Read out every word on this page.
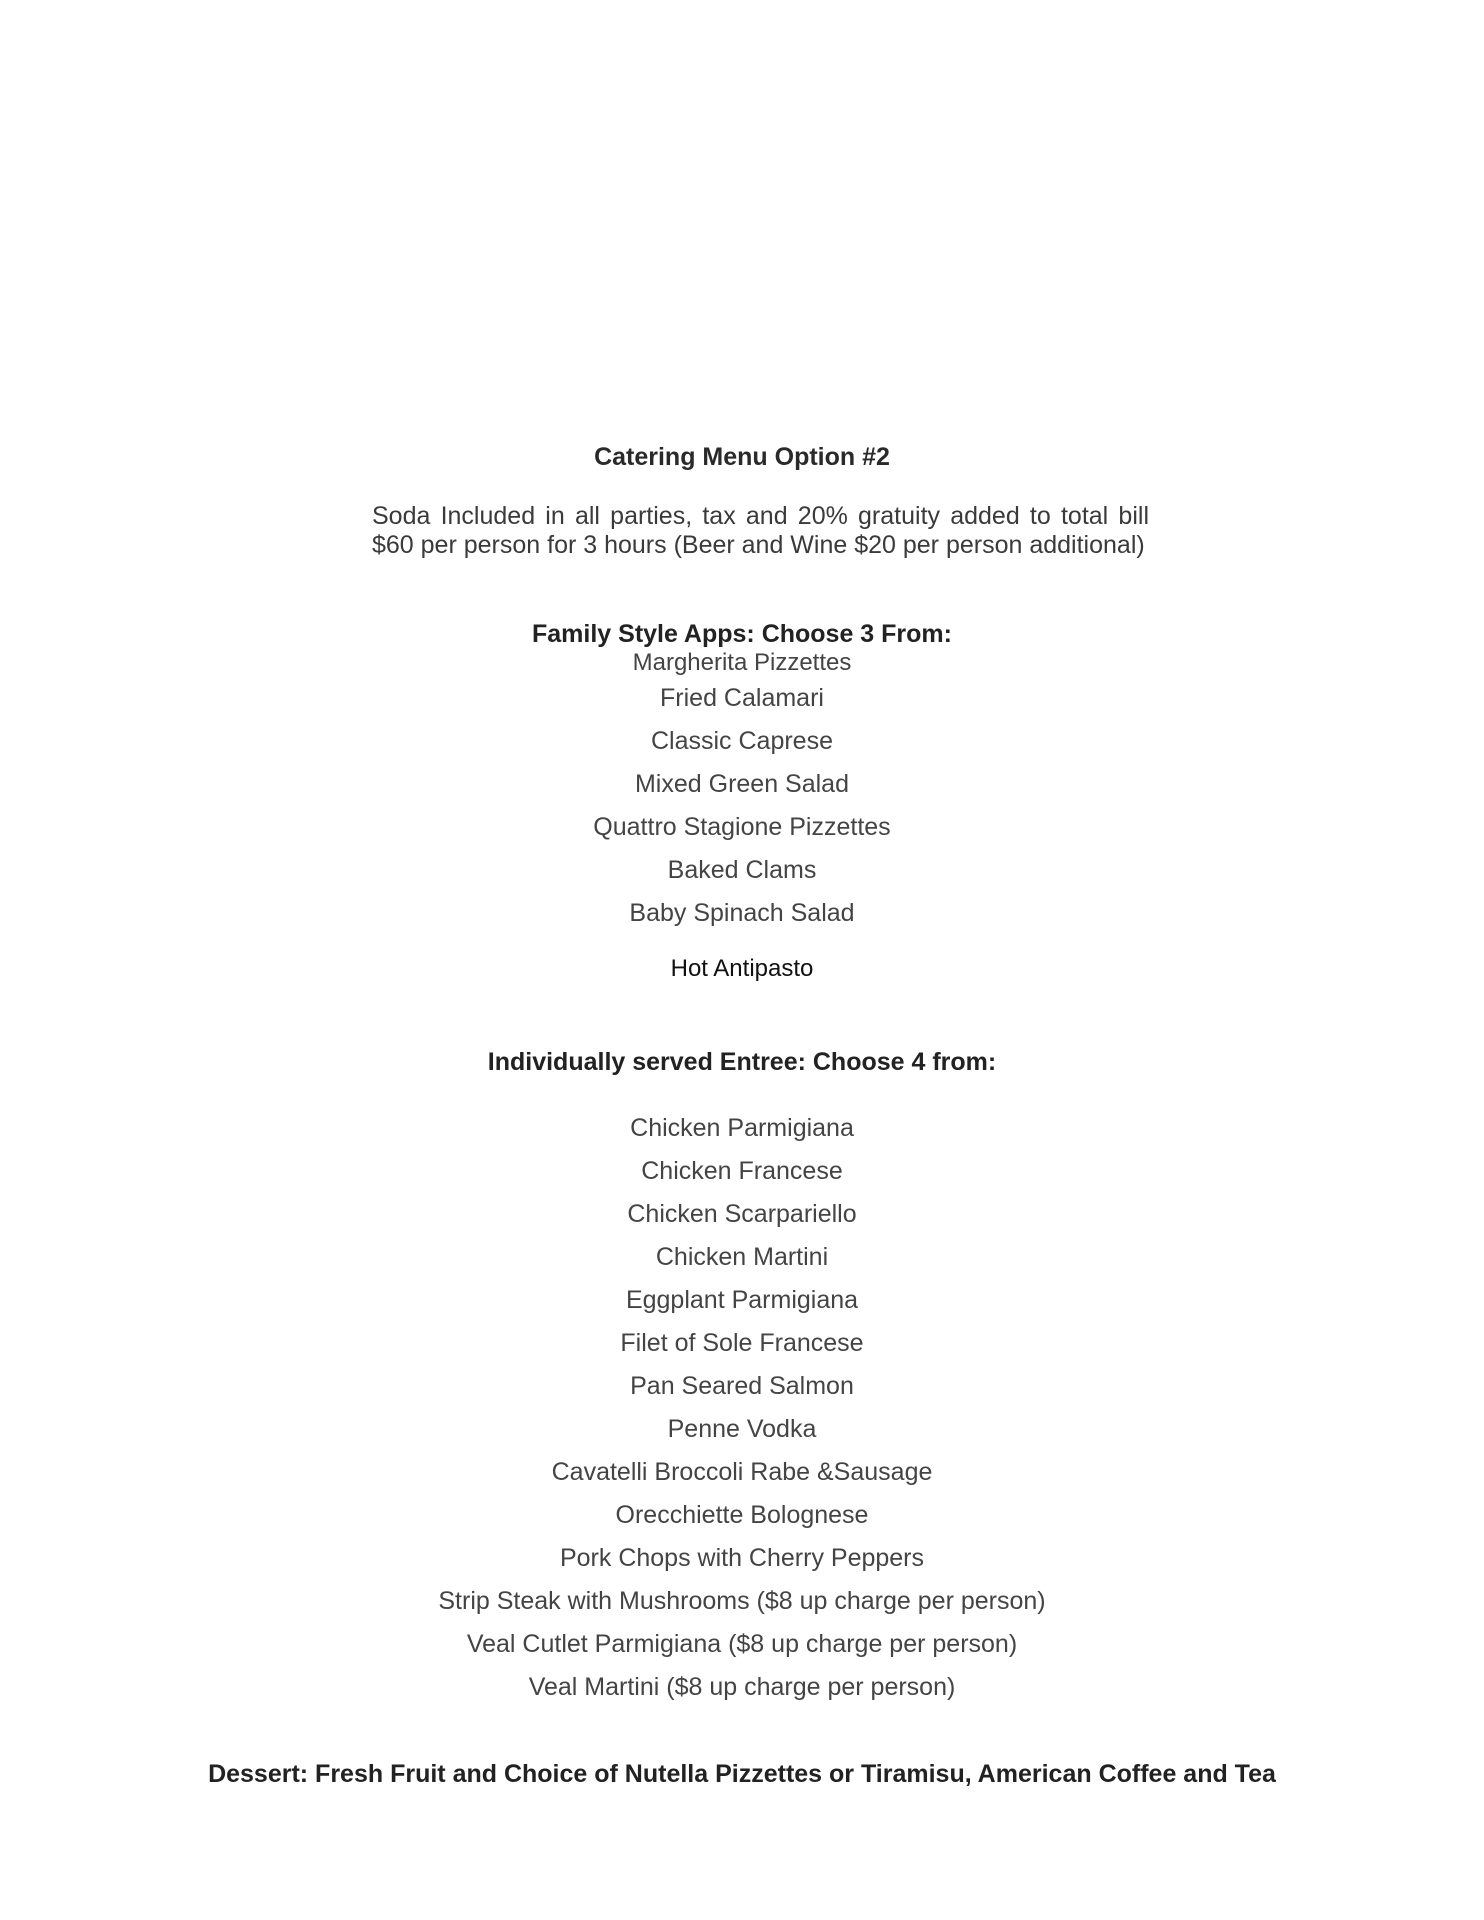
Catering Menu Option #2
Soda Included in all parties, tax and 20% gratuity added to total bill $60 per person for 3 hours (Beer and Wine $20 per person additional)
Family Style Apps: Choose 3 From:
Margherita Pizzettes
Fried Calamari
Classic Caprese
Mixed Green Salad
Quattro Stagione Pizzettes
Baked Clams
Baby Spinach Salad
Hot Antipasto
Individually served Entree: Choose 4 from:
Chicken Parmigiana
Chicken Francese
Chicken Scarpariello
Chicken Martini
Eggplant Parmigiana
Filet of Sole Francese
Pan Seared Salmon
Penne Vodka
Cavatelli Broccoli Rabe &Sausage
Orecchiette Bolognese
Pork Chops with Cherry Peppers
Strip Steak with Mushrooms ($8 up charge per person)
Veal Cutlet Parmigiana ($8 up charge per person)
Veal Martini ($8 up charge per person)
Dessert: Fresh Fruit and Choice of Nutella Pizzettes or Tiramisu, American Coffee and Tea
